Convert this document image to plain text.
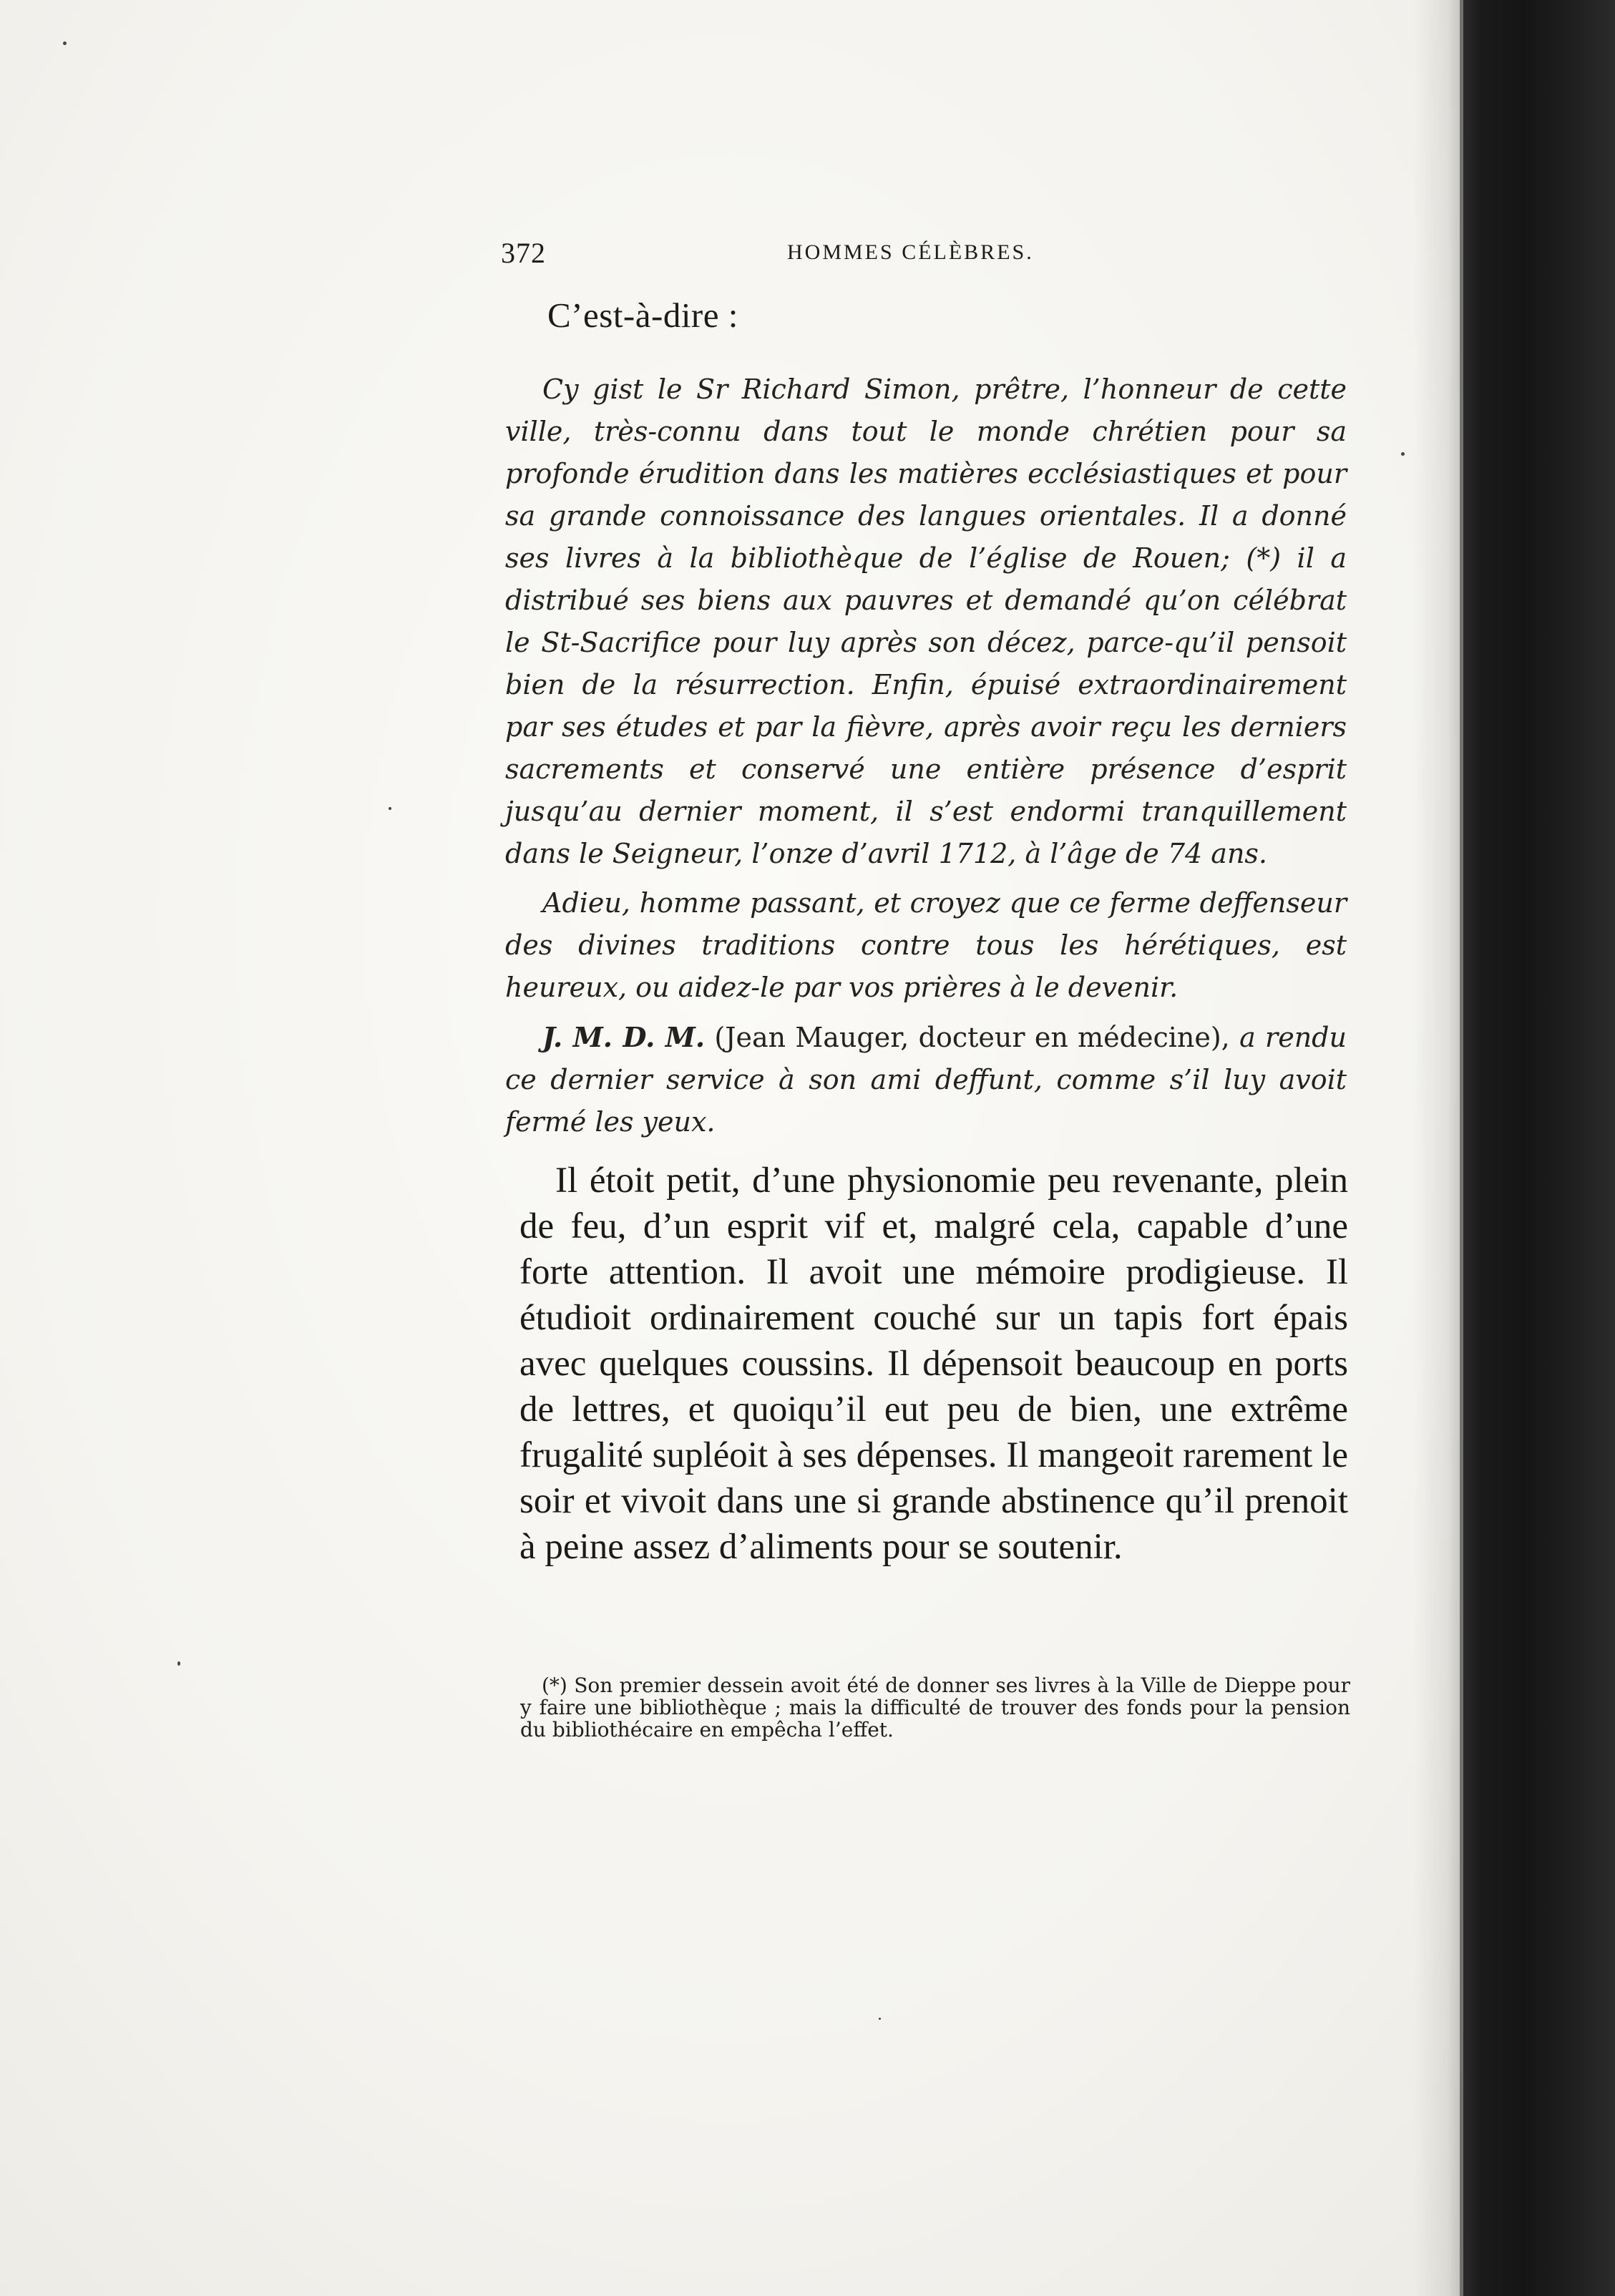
372	HOMMES CÉLÈBRES.
C’est-à-dire :

Cy gist le Sr Richard Simon, prêtre, l’honneur de cette ville, très-connu dans tout le monde chrétien pour sa profonde érudition dans les matières ecclésiastiques et pour sa grande connoissance des langues orientales. Il a donné ses livres à la bibliothèque de l’église de Rouen; (*) il a distribué ses biens aux pauvres et demandé qu’on célébrat le St-Sacrifice pour luy après son décez, parce-qu’il pensoit bien de la résurrection. Enfin, épuisé extraordinairement par ses études et par la fièvre, après avoir reçu les derniers sacrements et conservé une entière présence d’esprit jusqu’au dernier moment, il s’est endormi tranquillement dans le Seigneur, l’onze d’avril 1712, à l’âge de 74 ans.

Adieu, homme passant, et croyez que ce ferme deffenseur des divines traditions contre tous les hérétiques, est heureux, ou aidez-le par vos prières à le devenir.

J. M. D. M. (Jean Mauger, docteur en médecine), a rendu ce dernier service à son ami deffunt, comme s’il luy avoit fermé les yeux.

Il étoit petit, d’une physionomie peu revenante, plein de feu, d’un esprit vif et, malgré cela, capable d’une forte attention. Il avoit une mémoire prodigieuse. Il étudioit ordinairement couché sur un tapis fort épais avec quelques coussins. Il dépensoit beaucoup en ports de lettres, et quoiqu’il eut peu de bien, une extrême frugalité supléoit à ses dépenses. Il mangeoit rarement le soir et vivoit dans une si grande abstinence qu’il prenoit à peine assez d’aliments pour se soutenir.

(*) Son premier dessein avoit été de donner ses livres à la Ville de Dieppe pour y faire une bibliothèque ; mais la difficulté de trouver des fonds pour la pension du bibliothécaire en empêcha l’effet.
